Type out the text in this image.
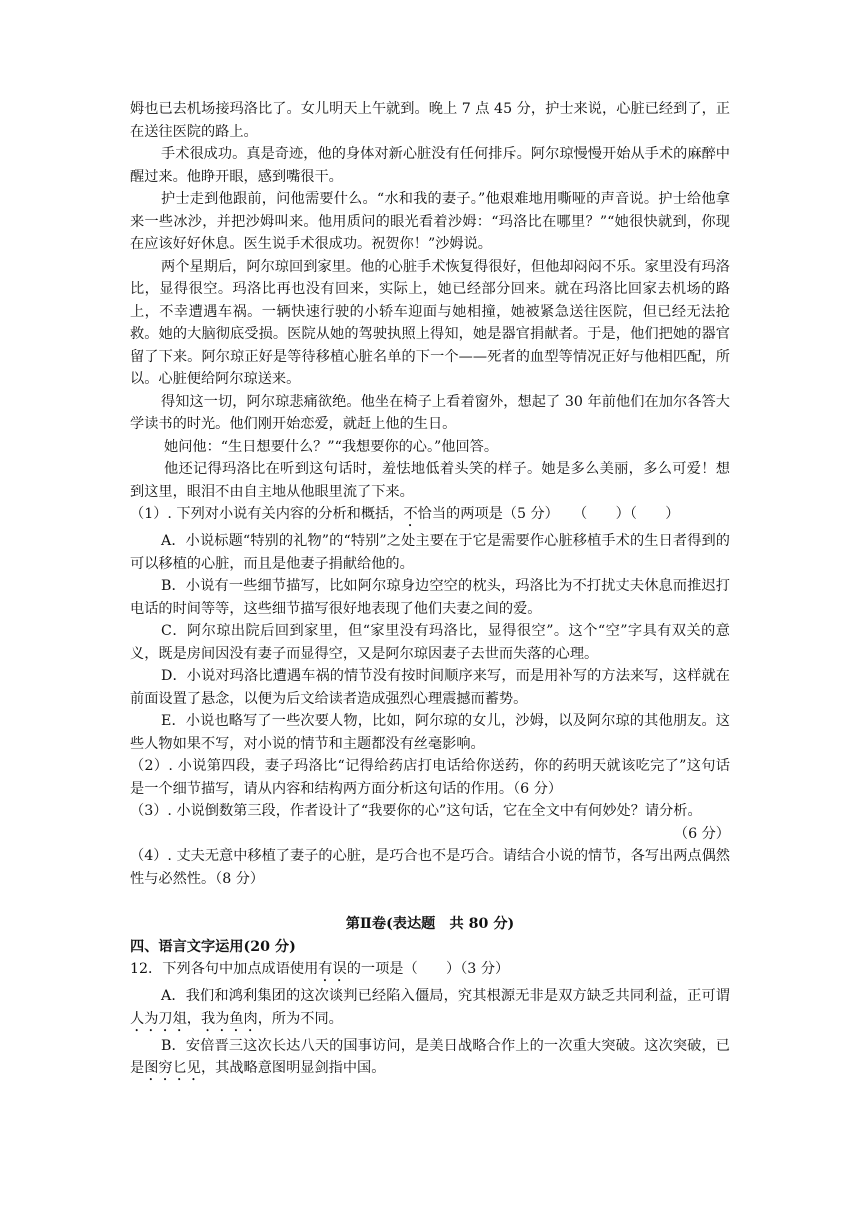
姆也已去机场接玛洛比了。女儿明天上午就到。晚上 7 点 45 分，护士来说，心脏已经到了，正在送往医院的路上。

手术很成功。真是奇迹，他的身体对新心脏没有任何排斥。阿尔琼慢慢开始从手术的麻醉中醒过来。他睁开眼，感到嘴很干。

护士走到他跟前，问他需要什么。“水和我的妻子。”他艰难地用嘶哑的声音说。护士给他拿来一些冰沙，并把沙姆叫来。他用质问的眼光看着沙姆：“玛洛比在哪里？”“她很快就到，你现在应该好好休息。医生说手术很成功。祝贺你！”沙姆说。

两个星期后，阿尔琼回到家里。他的心脏手术恢复得很好，但他却闷闷不乐。家里没有玛洛比，显得很空。玛洛比再也没有回来，实际上，她已经部分回来。就在玛洛比回家去机场的路上，不幸遭遇车祸。一辆快速行驶的小轿车迎面与她相撞，她被紧急送往医院，但已经无法抢救。她的大脑彻底受损。医院从她的驾驶执照上得知，她是器官捐献者。于是，他们把她的器官留了下来。阿尔琼正好是等待移植心脏名单的下一个——死者的血型等情况正好与他相匹配，所以。心脏便给阿尔琼送来。

得知这一切，阿尔琼悲痛欲绝。他坐在椅子上看着窗外，想起了 30 年前他们在加尔各答大学读书的时光。他们刚开始恋爱，就赶上他的生日。

她问他：“生日想要什么？”“我想要你的心。”他回答。

他还记得玛洛比在听到这句话时，羞怯地低着头笑的样子。她是多么美丽，多么可爱！想到这里，眼泪不由自主地从他眼里流了下来。

（1）. 下列对小说有关内容的分析和概括，不恰当的两项是（5 分）　　（　　）（　　）

A．小说标题“特别的礼物”的“特别”之处主要在于它是需要作心脏移植手术的生日者得到的可以移植的心脏，而且是他妻子捐献给他的。

B．小说有一些细节描写，比如阿尔琼身边空空的枕头，玛洛比为不打扰丈夫休息而推迟打电话的时间等等，这些细节描写很好地表现了他们夫妻之间的爱。

C．阿尔琼出院后回到家里，但“家里没有玛洛比，显得很空”。这个“空”字具有双关的意义，既是房间因没有妻子而显得空，又是阿尔琼因妻子去世而失落的心理。

D．小说对玛洛比遭遇车祸的情节没有按时间顺序来写，而是用补写的方法来写，这样就在前面设置了悬念，以便为后文给读者造成强烈心理震撼而蓄势。

E．小说也略写了一些次要人物，比如，阿尔琼的女儿，沙姆，以及阿尔琼的其他朋友。这些人物如果不写，对小说的情节和主题都没有丝毫影响。

（2）. 小说第四段，妻子玛洛比“记得给药店打电话给你送药，你的药明天就该吃完了”这句话是一个细节描写，请从内容和结构两方面分析这句话的作用。（6 分）

（3）. 小说倒数第三段，作者设计了“我要你的心”这句话，它在全文中有何妙处？请分析。

（6 分）

（4）. 丈夫无意中移植了妻子的心脏，是巧合也不是巧合。请结合小说的情节，各写出两点偶然性与必然性。（8 分）

第Ⅱ卷(表达题　共 80 分)

四、语言文字运用(20 分)

12．下列各句中加点成语使用有误的一项是（　　）（3 分）

A．我们和鸿利集团的这次谈判已经陷入僵局，究其根源无非是双方缺乏共同利益，正可谓人为刀俎，我为鱼肉，所为不同。

B．安倍晋三这次长达八天的国事访问，是美日战略合作上的一次重大突破。这次突破，已是图穷匕见，其战略意图明显剑指中国。
